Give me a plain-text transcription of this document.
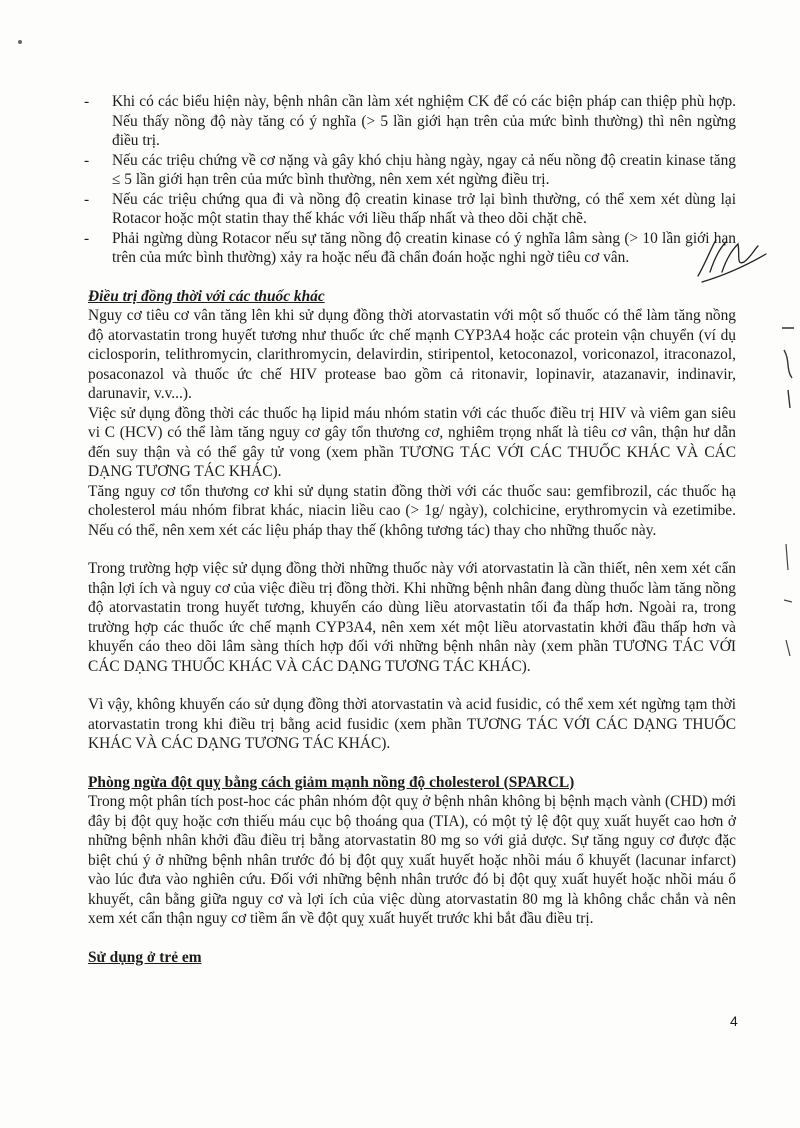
- Khi có các biểu hiện này, bệnh nhân cần làm xét nghiệm CK để có các biện pháp can thiệp phù hợp. Nếu thấy nồng độ này tăng có ý nghĩa (> 5 lần giới hạn trên của mức bình thường) thì nên ngừng điều trị.
- Nếu các triệu chứng về cơ nặng và gây khó chịu hàng ngày, ngay cả nếu nồng độ creatin kinase tăng ≤ 5 lần giới hạn trên của mức bình thường, nên xem xét ngừng điều trị.
- Nếu các triệu chứng qua đi và nồng độ creatin kinase trở lại bình thường, có thể xem xét dùng lại Rotacor hoặc một statin thay thế khác với liều thấp nhất và theo dõi chặt chẽ.
- Phải ngừng dùng Rotacor nếu sự tăng nồng độ creatin kinase có ý nghĩa lâm sàng (> 10 lần giới hạn trên của mức bình thường) xảy ra hoặc nếu đã chẩn đoán hoặc nghi ngờ tiêu cơ vân.

Điều trị đồng thời với các thuốc khác

Nguy cơ tiêu cơ vân tăng lên khi sử dụng đồng thời atorvastatin với một số thuốc có thể làm tăng nồng độ atorvastatin trong huyết tương như thuốc ức chế mạnh CYP3A4 hoặc các protein vận chuyển (ví dụ ciclosporin, telithromycin, clarithromycin, delavirdin, stiripentol, ketoconazol, voriconazol, itraconazol, posaconazol và thuốc ức chế HIV protease bao gồm cả ritonavir, lopinavir, atazanavir, indinavir, darunavir, v.v...).

Việc sử dụng đồng thời các thuốc hạ lipid máu nhóm statin với các thuốc điều trị HIV và viêm gan siêu vi C (HCV) có thể làm tăng nguy cơ gây tổn thương cơ, nghiêm trọng nhất là tiêu cơ vân, thận hư dẫn đến suy thận và có thể gây tử vong (xem phần TƯƠNG TÁC VỚI CÁC THUỐC KHÁC VÀ CÁC DẠNG TƯƠNG TÁC KHÁC).

Tăng nguy cơ tổn thương cơ khi sử dụng statin đồng thời với các thuốc sau: gemfibrozil, các thuốc hạ cholesterol máu nhóm fibrat khác, niacin liều cao (> 1g/ ngày), colchicine, erythromycin và ezetimibe. Nếu có thể, nên xem xét các liệu pháp thay thế (không tương tác) thay cho những thuốc này.

Trong trường hợp việc sử dụng đồng thời những thuốc này với atorvastatin là cần thiết, nên xem xét cẩn thận lợi ích và nguy cơ của việc điều trị đồng thời. Khi những bệnh nhân đang dùng thuốc làm tăng nồng độ atorvastatin trong huyết tương, khuyến cáo dùng liều atorvastatin tối đa thấp hơn. Ngoài ra, trong trường hợp các thuốc ức chế mạnh CYP3A4, nên xem xét một liều atorvastatin khởi đầu thấp hơn và khuyến cáo theo dõi lâm sàng thích hợp đối với những bệnh nhân này (xem phần TƯƠNG TÁC VỚI CÁC DẠNG THUỐC KHÁC VÀ CÁC DẠNG TƯƠNG TÁC KHÁC).

Vì vậy, không khuyến cáo sử dụng đồng thời atorvastatin và acid fusidic, có thể xem xét ngừng tạm thời atorvastatin trong khi điều trị bằng acid fusidic (xem phần TƯƠNG TÁC VỚI CÁC DẠNG THUỐC KHÁC VÀ CÁC DẠNG TƯƠNG TÁC KHÁC).

Phòng ngừa đột quỵ bằng cách giảm mạnh nồng độ cholesterol (SPARCL)

Trong một phân tích post-hoc các phân nhóm đột quỵ ở bệnh nhân không bị bệnh mạch vành (CHD) mới đây bị đột quỵ hoặc cơn thiếu máu cục bộ thoáng qua (TIA), có một tỷ lệ đột quỵ xuất huyết cao hơn ở những bệnh nhân khởi đầu điều trị bằng atorvastatin 80 mg so với giả dược. Sự tăng nguy cơ được đặc biệt chú ý ở những bệnh nhân trước đó bị đột quỵ xuất huyết hoặc nhồi máu ổ khuyết (lacunar infarct) vào lúc đưa vào nghiên cứu. Đối với những bệnh nhân trước đó bị đột quỵ xuất huyết hoặc nhồi máu ổ khuyết, cân bằng giữa nguy cơ và lợi ích của việc dùng atorvastatin 80 mg là không chắc chắn và nên xem xét cẩn thận nguy cơ tiềm ẩn về đột quỵ xuất huyết trước khi bắt đầu điều trị.

Sử dụng ở trẻ em

4
